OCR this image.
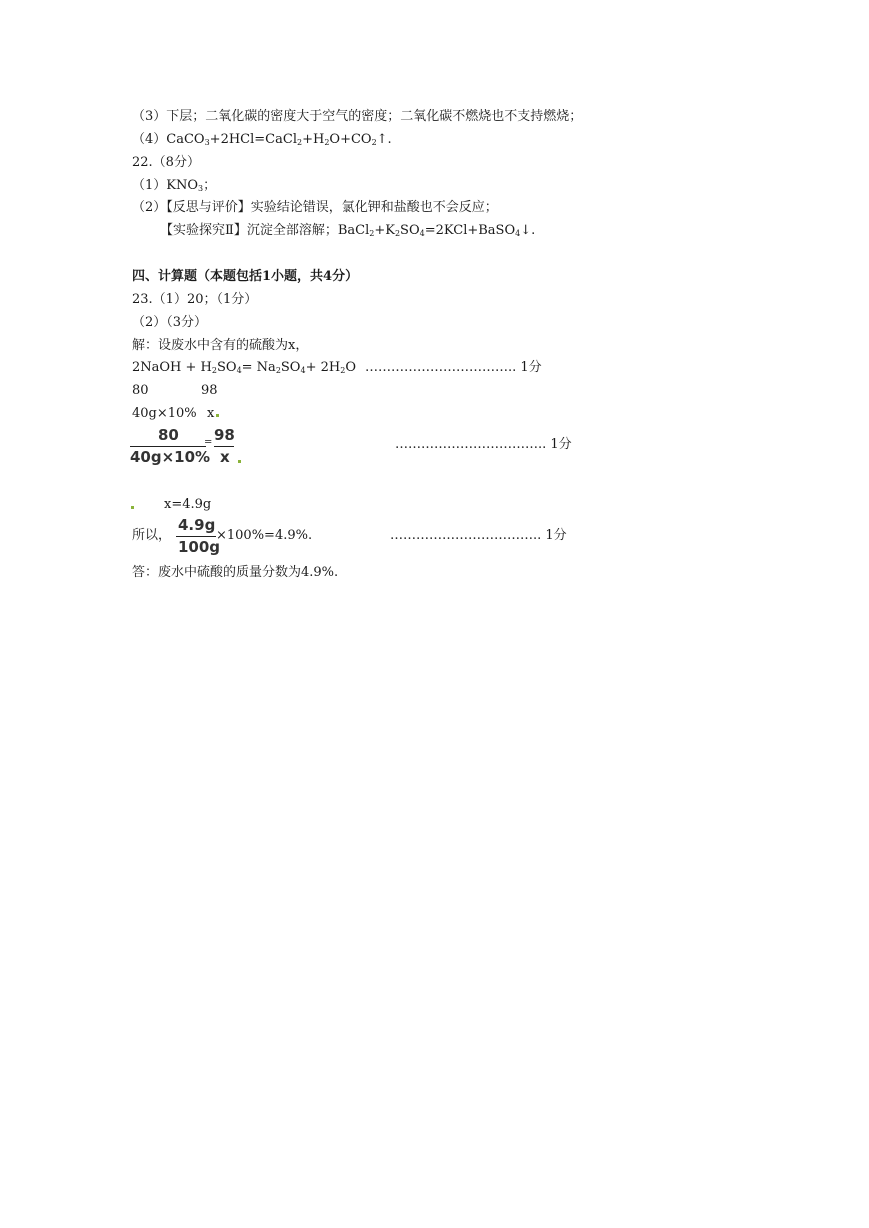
（3）下层；二氧化碳的密度大于空气的密度；二氧化碳不燃烧也不支持燃烧；
$(4)CaCO_3+2HCl=CaCl_2+H_2O+CO_2↑$.
22.（8分）
$(1)KNO_3$；
（2）【反思与评价】实验结论错误，氯化钾和盐酸也不会反应；
【实验探究Ⅱ】沉淀全部溶解；$BaCl_2+K_2SO_4=2KCl+BaSO_4↓$.
四、计算题（本题包括1小题，共4分）
23.（1）20；（1分）
（2）（3分）
解：设废水中含有的硫酸为x，
2NaOH + $H_2SO_4= Na_2SO_4+ 2H_2O$ …………………………….. 1分
80	98
40g×10% x
80
40g×10%
= 98
x
…………………………….. 1分
x=4.9g
所以，
4.9g
100g
×100%=4.9%.	…………………………….. 1分
答：废水中硫酸的质量分数为4.9%.
